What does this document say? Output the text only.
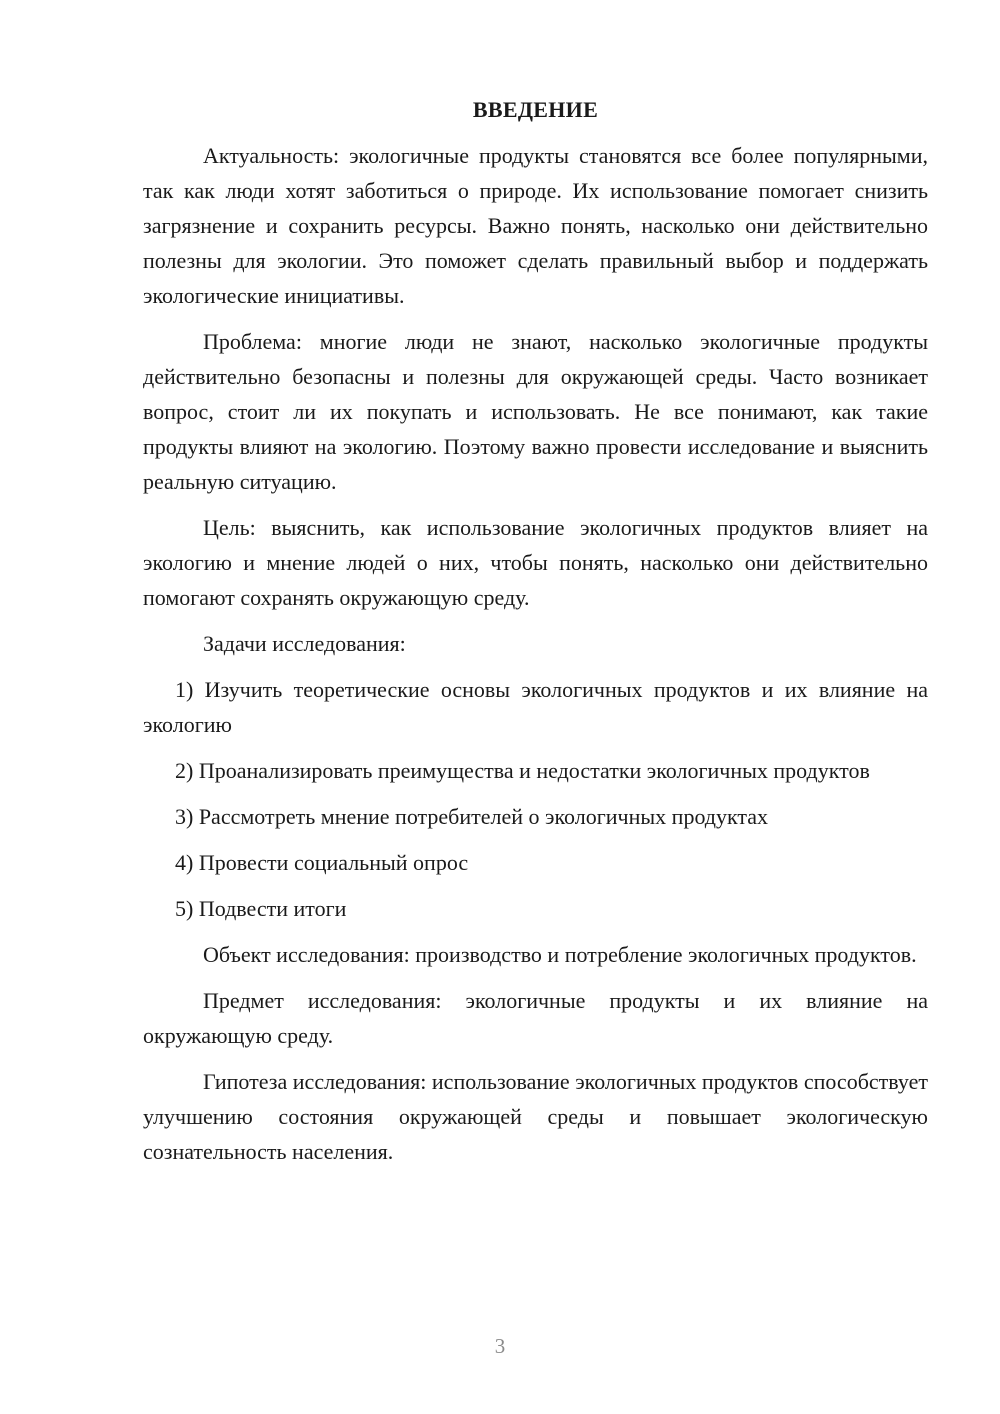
ВВЕДЕНИЕ

Актуальность: экологичные продукты становятся все более популярными, так как люди хотят заботиться о природе. Их использование помогает снизить загрязнение и сохранить ресурсы. Важно понять, насколько они действительно полезны для экологии. Это поможет сделать правильный выбор и поддержать экологические инициативы.

Проблема: многие люди не знают, насколько экологичные продукты действительно безопасны и полезны для окружающей среды. Часто возникает вопрос, стоит ли их покупать и использовать. Не все понимают, как такие продукты влияют на экологию. Поэтому важно провести исследование и выяснить реальную ситуацию.

Цель: выяснить, как использование экологичных продуктов влияет на экологию и мнение людей о них, чтобы понять, насколько они действительно помогают сохранять окружающую среду.

Задачи исследования:

1) Изучить теоретические основы экологичных продуктов и их влияние на экологию

2) Проанализировать преимущества и недостатки экологичных продуктов

3) Рассмотреть мнение потребителей о экологичных продуктах

4) Провести социальный опрос

5) Подвести итоги

Объект исследования: производство и потребление экологичных продуктов.

Предмет исследования: экологичные продукты и их влияние на окружающую среду.

Гипотеза исследования: использование экологичных продуктов способствует улучшению состояния окружающей среды и повышает экологическую сознательность населения.

3
